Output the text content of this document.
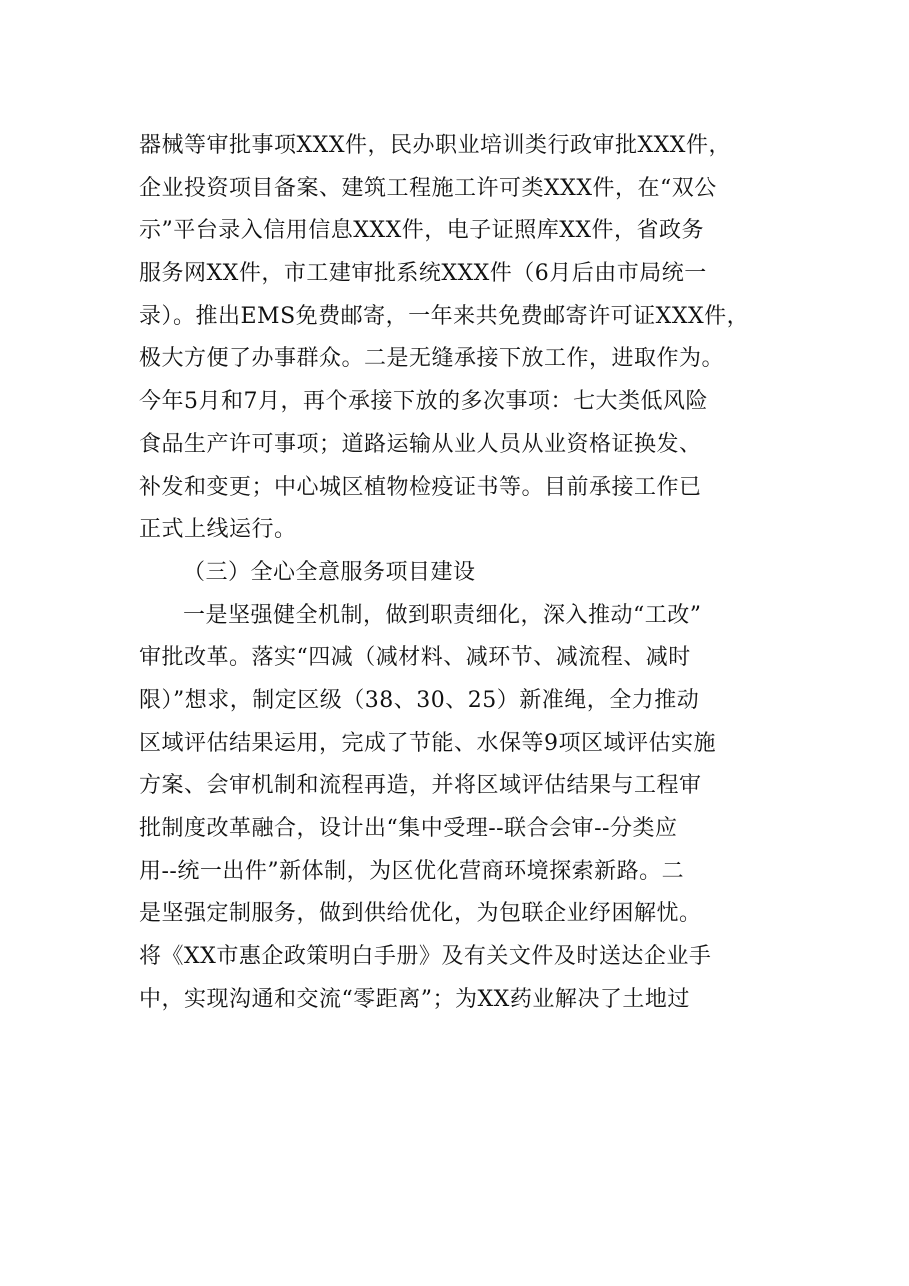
器械等审批事项XXX件，民办职业培训类行政审批XXX件，
企业投资项目备案、建筑工程施工许可类XXX件，在“双公
示”平台录入信用信息XXX件，电子证照库XX件，省政务
服务网XX件，市工建审批系统XXX件（6月后由市局统一
录）。推出EMS免费邮寄，一年来共免费邮寄许可证XXX件，
极大方便了办事群众。二是无缝承接下放工作，进取作为。
今年5月和7月，再个承接下放的多次事项：七大类低风险
食品生产许可事项；道路运输从业人员从业资格证换发、
补发和变更；中心城区植物检疫证书等。目前承接工作已
正式上线运行。
（三）全心全意服务项目建设
一是坚强健全机制，做到职责细化，深入推动“工改”
审批改革。落实“四减（减材料、减环节、减流程、减时
限）”想求，制定区级（38、30、25）新准绳，全力推动
区域评估结果运用，完成了节能、水保等9项区域评估实施
方案、会审机制和流程再造，并将区域评估结果与工程审
批制度改革融合，设计出“集中受理--联合会审--分类应
用--统一出件”新体制，为区优化营商环境探索新路。二
是坚强定制服务，做到供给优化，为包联企业纾困解忧。
将《XX市惠企政策明白手册》及有关文件及时送达企业手
中，实现沟通和交流“零距离”；为XX药业解决了土地过
